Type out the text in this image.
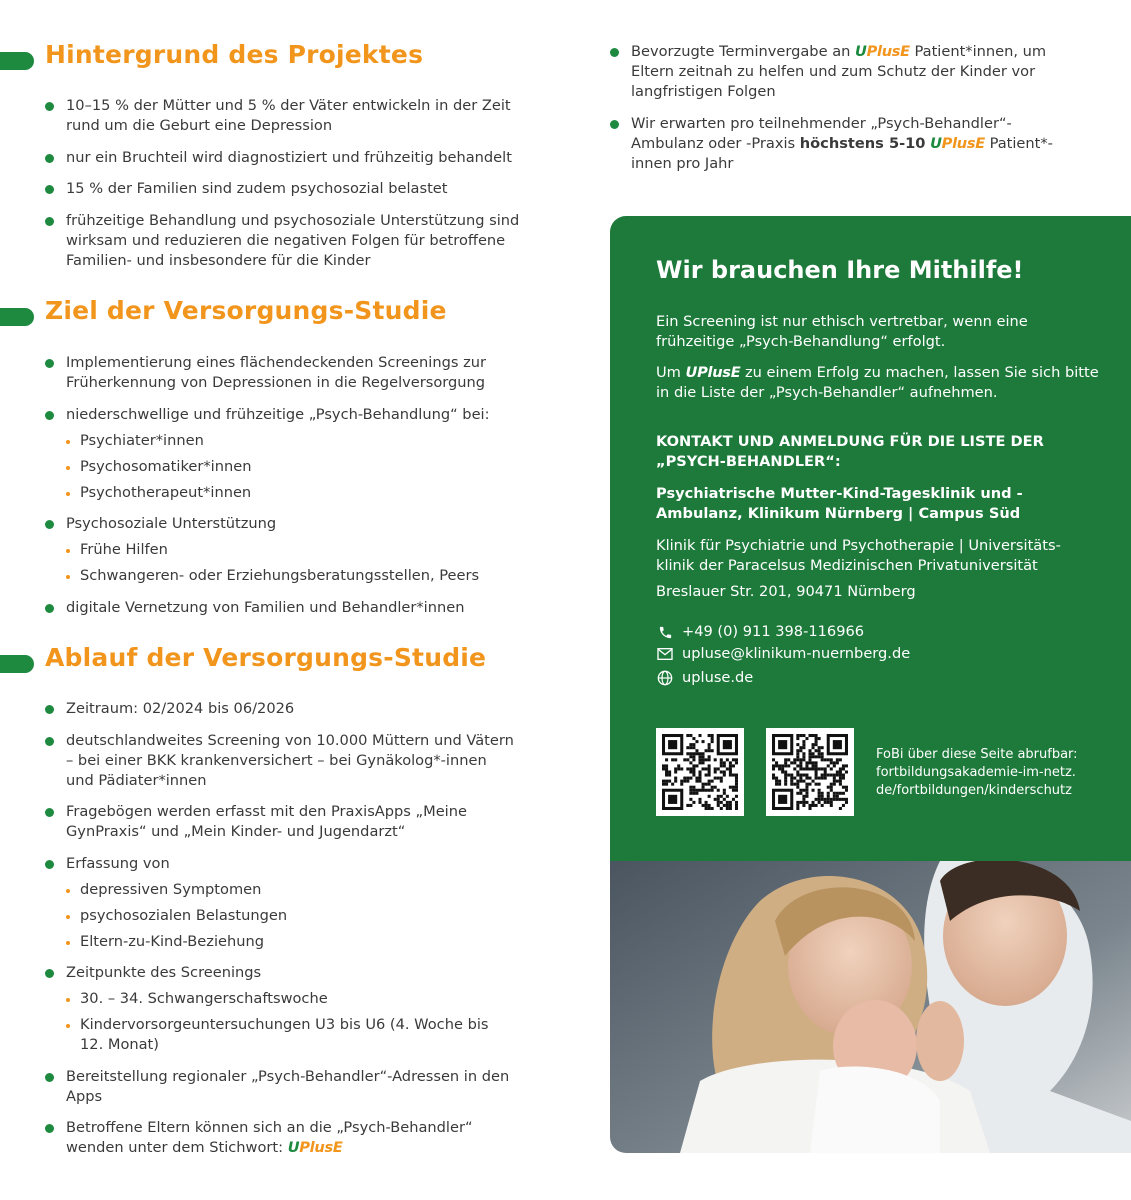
Hintergrund des Projektes
10–15 % der Mütter und 5 % der Väter entwickeln in der Zeit rund um die Geburt eine Depression
nur ein Bruchteil wird diagnostiziert und frühzeitig behandelt
15 % der Familien sind zudem psychosozial belastet
frühzeitige Behandlung und psychosoziale Unterstützung sind wirksam und reduzieren die negativen Folgen für betroffene Familien- und insbesondere für die Kinder
Ziel der Versorgungs-Studie
Implementierung eines flächendeckenden Screenings zur Früherkennung von Depressionen in die Regelversorgung
niederschwellige und frühzeitige „Psych-Behandlung“ bei:
Psychiater*innen
Psychosomatiker*innen
Psychotherapeut*innen
Psychosoziale Unterstützung
Frühe Hilfen
Schwangeren- oder Erziehungsberatungsstellen, Peers
digitale Vernetzung von Familien und Behandler*innen
Ablauf der Versorgungs-Studie
Zeitraum: 02/2024 bis 06/2026
deutschlandweites Screening von 10.000 Müttern und Vätern – bei einer BKK krankenversichert – bei Gynäkolog*-innen und Pädiater*innen
Fragebögen werden erfasst mit den PraxisApps „Meine GynPraxis“ und „Mein Kinder- und Jugendarzt“
Erfassung von
depressiven Symptomen
psychosozialen Belastungen
Eltern-zu-Kind-Beziehung
Zeitpunkte des Screenings
30. – 34. Schwangerschaftswoche
Kindervorsorgeuntersuchungen U3 bis U6 (4. Woche bis 12. Monat)
Bereitstellung regionaler „Psych-Behandler“-Adressen in den Apps
Betroffene Eltern können sich an die „Psych-Behandler“ wenden unter dem Stichwort: UPlusE
Bevorzugte Terminvergabe an UPlusE Patient*innen, um Eltern zeitnah zu helfen und zum Schutz der Kinder vor langfristigen Folgen
Wir erwarten pro teilnehmender „Psych-Behandler“-Ambulanz oder -Praxis höchstens 5-10 UPlusE Patient*-innen pro Jahr
Wir brauchen Ihre Mithilfe!

Ein Screening ist nur ethisch vertretbar, wenn eine frühzeitige „Psych-Behandlung“ erfolgt.

Um UPlusE zu einem Erfolg zu machen, lassen Sie sich bitte in die Liste der „Psych-Behandler“ aufnehmen.

KONTAKT UND ANMELDUNG FÜR DIE LISTE DER „PSYCH-BEHANDLER“:

Psychiatrische Mutter-Kind-Tagesklinik und -Ambulanz, Klinikum Nürnberg | Campus Süd

Klinik für Psychiatrie und Psychotherapie | Universitäts-klinik der Paracelsus Medizinischen Privatuniversität

Breslauer Str. 201, 90471 Nürnberg

+49 (0) 911 398-116966
upluse@klinikum-nuernberg.de
upluse.de

FoBi über diese Seite abrufbar: fortbildungsakademie-im-netz. de/fortbildungen/kinderschutz
